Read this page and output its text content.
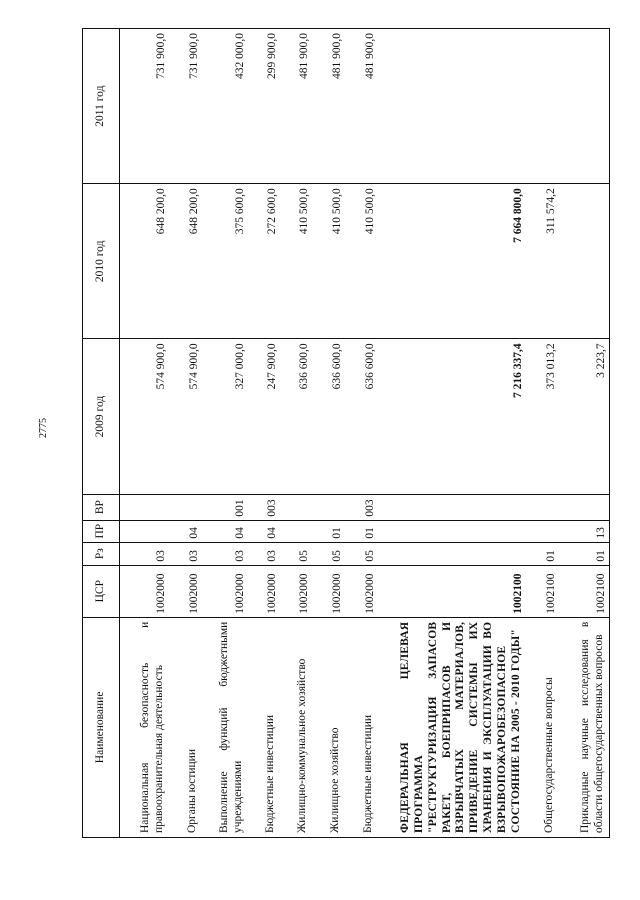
2775
Наименование	ЦСР	Рз	ПР	ВР	2009 год	2010 год	2011 год
Национальная безопасность и правоохранительная деятельность	1002000	03			574 900,0	648 200,0	731 900,0
Органы юстиции	1002000	03	04		574 900,0	648 200,0	731 900,0
Выполнение функций бюджетными учреждениями	1002000	03	04	001	327 000,0	375 600,0	432 000,0
Бюджетные инвестиции	1002000	03	04	003	247 900,0	272 600,0	299 900,0
Жилищно-коммунальное хозяйство	1002000	05			636 600,0	410 500,0	481 900,0
Жилищное хозяйство	1002000	05	01		636 600,0	410 500,0	481 900,0
Бюджетные инвестиции	1002000	05	01	003	636 600,0	410 500,0	481 900,0
ФЕДЕРАЛЬНАЯ ЦЕЛЕВАЯ ПРОГРАММА "РЕСТРУКТУРИЗАЦИЯ ЗАПАСОВ РАКЕТ, БОЕПРИПАСОВ И ВЗРЫВЧАТЫХ МАТЕРИАЛОВ, ПРИВЕДЕНИЕ СИСТЕМЫ ИХ ХРАНЕНИЯ И ЭКСПЛУАТАЦИИ ВО ВЗРЫВОПОЖАРОБЕЗОПАСНОЕ СОСТОЯНИЕ НА 2005 - 2010 ГОДЫ"	1002100				7 216 337,4	7 664 800,0	
Общегосударственные вопросы	1002100	01			373 013,2	311 574,2	
Прикладные научные исследования в области общегосударственных вопросов	1002100	01	13		3 223,7		
